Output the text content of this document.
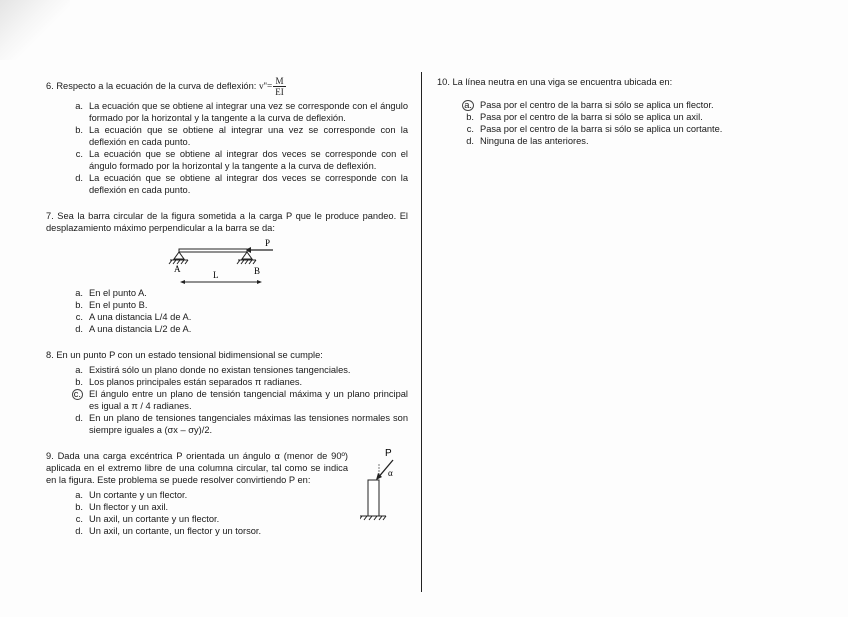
6. Respecto a la ecuación de la curva de deflexión: $v''= \frac{M}{EI}$
a. La ecuación que se obtiene al integrar una vez se corresponde con el ángulo formado por la horizontal y la tangente a la curva de deflexión.
b. La ecuación que se obtiene al integrar una vez se corresponde con la deflexión en cada punto.
c. La ecuación que se obtiene al integrar dos veces se corresponde con el ángulo formado por la horizontal y la tangente a la curva de deflexión.
d. La ecuación que se obtiene al integrar dos veces se corresponde con la deflexión en cada punto.
7. Sea la barra circular de la figura sometida a la carga P que le produce pandeo. El desplazamiento máximo perpendicular a la barra se da:
P
A	B
L
a. En el punto A.
b. En el punto B.
c. A una distancia L/4 de A.
d. A una distancia L/2 de A.
8. En un punto P con un estado tensional bidimensional se cumple:
a. Existirá sólo un plano donde no existan tensiones tangenciales.
b. Los planos principales están separados π radianes.
c. El ángulo entre un plano de tensión tangencial máxima y un plano principal es igual a π / 4 radianes.
d. En un plano de tensiones tangenciales máximas las tensiones normales son siempre iguales a (σx – σy)/2.
9. Dada una carga excéntrica P orientada un ángulo α (menor de 90º) aplicada en el extremo libre de una columna circular, tal como se indica en la figura. Este problema se puede resolver convirtiendo P en:
a. Un cortante y un flector.
b. Un flector y un axil.
c. Un axil, un cortante y un flector.
d. Un axil, un cortante, un flector y un torsor.
P
α
10. La línea neutra en una viga se encuentra ubicada en:
a. Pasa por el centro de la barra si sólo se aplica un flector.
b. Pasa por el centro de la barra si sólo se aplica un axil.
c. Pasa por el centro de la barra si sólo se aplica un cortante.
d. Ninguna de las anteriores.
